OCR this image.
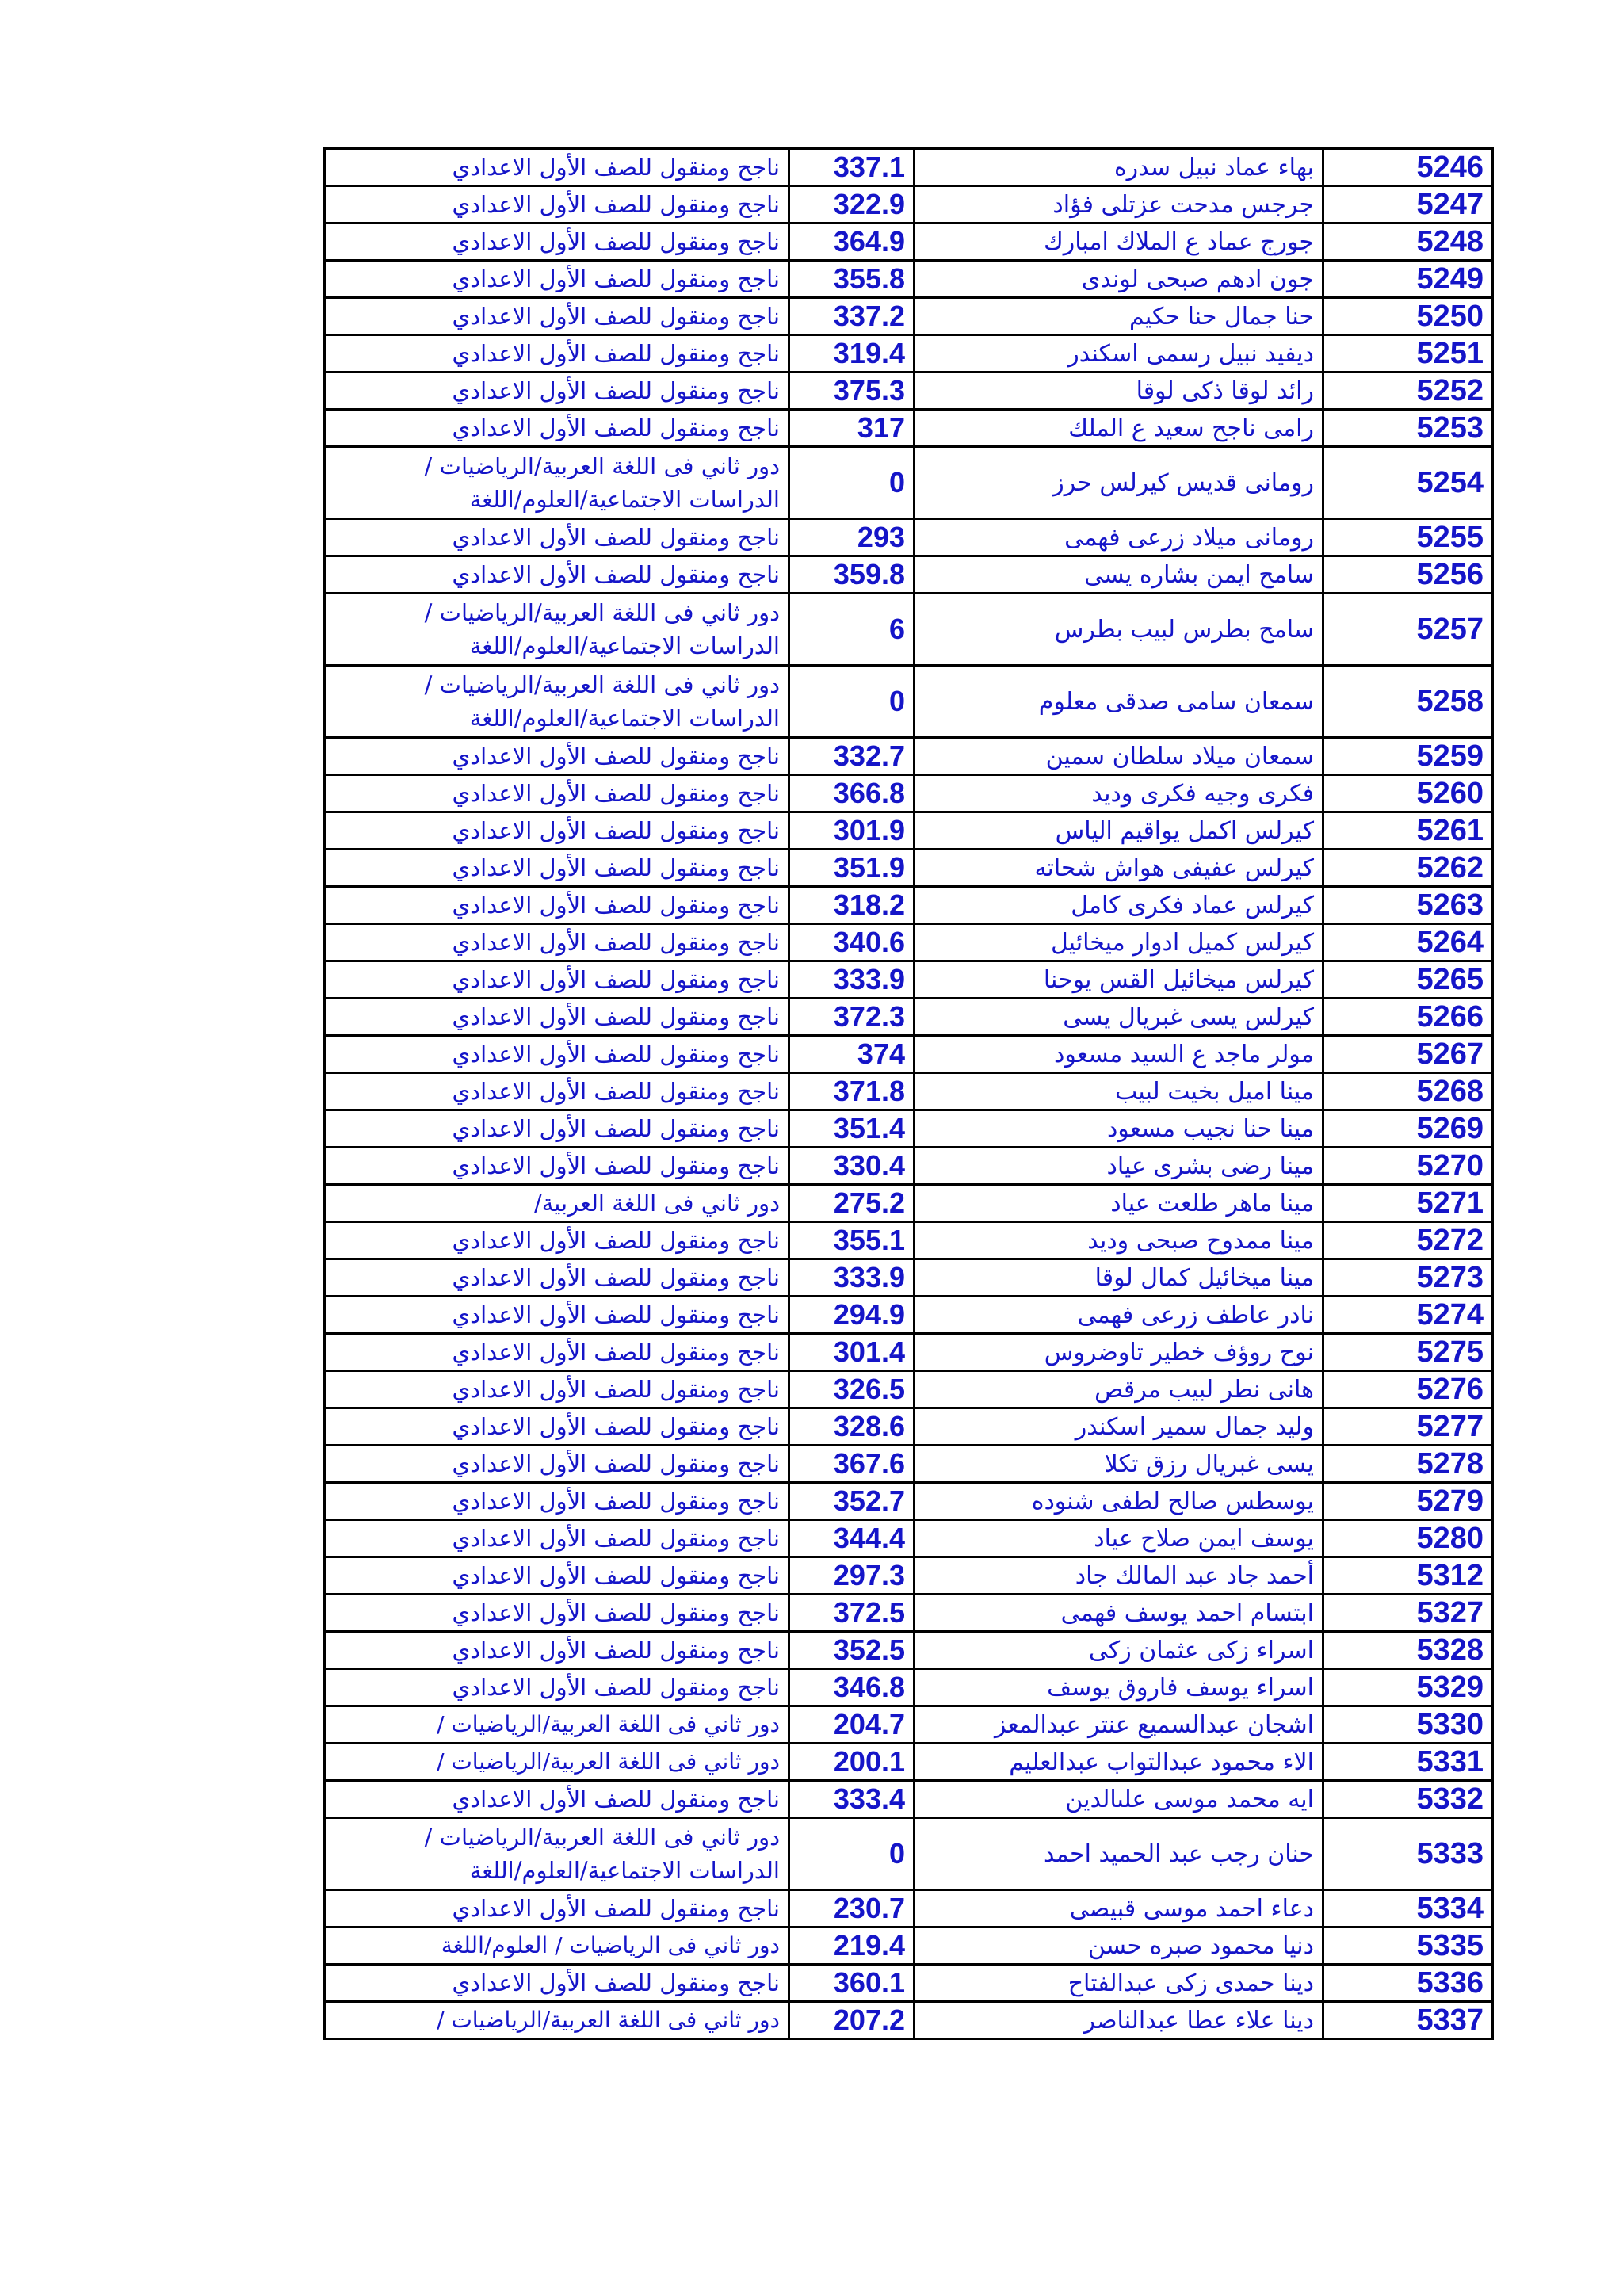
ناجح ومنقول للصف الأول الاعدادي	337.1	بهاء عماد نبيل سدره	5246
ناجح ومنقول للصف الأول الاعدادي	322.9	جرجس مدحت عزتلى فؤاد	5247
ناجح ومنقول للصف الأول الاعدادي	364.9	جورج عماد ع الملاك امبارك	5248
ناجح ومنقول للصف الأول الاعدادي	355.8	جون ادهم صبحى لوندى	5249
ناجح ومنقول للصف الأول الاعدادي	337.2	حنا جمال حنا حكيم	5250
ناجح ومنقول للصف الأول الاعدادي	319.4	ديفيد نبيل رسمى اسكندر	5251
ناجح ومنقول للصف الأول الاعدادي	375.3	رائد لوقا ذكى لوقا	5252
ناجح ومنقول للصف الأول الاعدادي	317	رامى ناجح سعيد ع الملك	5253
دور ثاني فى اللغة العربية/الرياضيات / الدراسات الاجتماعية/العلوم/اللغة	0	رومانى قديس كيرلس حرز	5254
ناجح ومنقول للصف الأول الاعدادي	293	رومانى ميلاد زرعى فهمى	5255
ناجح ومنقول للصف الأول الاعدادي	359.8	سامح ايمن بشاره يسى	5256
دور ثاني فى اللغة العربية/الرياضيات / الدراسات الاجتماعية/العلوم/اللغة	6	سامح بطرس لبيب بطرس	5257
دور ثاني فى اللغة العربية/الرياضيات / الدراسات الاجتماعية/العلوم/اللغة	0	سمعان سامى صدقى معلوم	5258
ناجح ومنقول للصف الأول الاعدادي	332.7	سمعان ميلاد سلطان سمين	5259
ناجح ومنقول للصف الأول الاعدادي	366.8	فكرى وجيه فكرى وديد	5260
ناجح ومنقول للصف الأول الاعدادي	301.9	كيرلس اكمل يواقيم الياس	5261
ناجح ومنقول للصف الأول الاعدادي	351.9	كيرلس عفيفى هواش شحاته	5262
ناجح ومنقول للصف الأول الاعدادي	318.2	كيرلس عماد فكرى كامل	5263
ناجح ومنقول للصف الأول الاعدادي	340.6	كيرلس كميل ادوار ميخائيل	5264
ناجح ومنقول للصف الأول الاعدادي	333.9	كيرلس ميخائيل القس يوحنا	5265
ناجح ومنقول للصف الأول الاعدادي	372.3	كيرلس يسى غبريال يسى	5266
ناجح ومنقول للصف الأول الاعدادي	374	مولر ماجد ع السيد مسعود	5267
ناجح ومنقول للصف الأول الاعدادي	371.8	مينا اميل بخيت لبيب	5268
ناجح ومنقول للصف الأول الاعدادي	351.4	مينا حنا نجيب مسعود	5269
ناجح ومنقول للصف الأول الاعدادي	330.4	مينا رضى بشرى عياد	5270
دور ثاني فى اللغة العربية/	275.2	مينا ماهر طلعت عياد	5271
ناجح ومنقول للصف الأول الاعدادي	355.1	مينا ممدوح صبحى وديد	5272
ناجح ومنقول للصف الأول الاعدادي	333.9	مينا ميخائيل كمال لوقا	5273
ناجح ومنقول للصف الأول الاعدادي	294.9	نادر عاطف زرعى فهمى	5274
ناجح ومنقول للصف الأول الاعدادي	301.4	نوح روؤف خطير تاوضروس	5275
ناجح ومنقول للصف الأول الاعدادي	326.5	هانى نطر لبيب مرقص	5276
ناجح ومنقول للصف الأول الاعدادي	328.6	وليد جمال سمير اسكندر	5277
ناجح ومنقول للصف الأول الاعدادي	367.6	يسى غبريال رزق تكلا	5278
ناجح ومنقول للصف الأول الاعدادي	352.7	يوسطس صالح لطفى شنوده	5279
ناجح ومنقول للصف الأول الاعدادي	344.4	يوسف ايمن صلاح عياد	5280
ناجح ومنقول للصف الأول الاعدادي	297.3	أحمد جاد عبد المالك جاد	5312
ناجح ومنقول للصف الأول الاعدادي	372.5	ابتسام احمد يوسف فهمى	5327
ناجح ومنقول للصف الأول الاعدادي	352.5	اسراء زكى عثمان زكى	5328
ناجح ومنقول للصف الأول الاعدادي	346.8	اسراء يوسف فاروق يوسف	5329
دور ثاني فى اللغة العربية/الرياضيات /	204.7	اشجان عبدالسميع عنتر عبدالمعز	5330
دور ثاني فى اللغة العربية/الرياضيات /	200.1	الاء محمود عبدالتواب عبدالعليم	5331
ناجح ومنقول للصف الأول الاعدادي	333.4	ايه محمد موسى علىالدين	5332
دور ثاني فى اللغة العربية/الرياضيات / الدراسات الاجتماعية/العلوم/اللغة	0	حنان رجب عبد الحميد احمد	5333
ناجح ومنقول للصف الأول الاعدادي	230.7	دعاء احمد موسى قبيصى	5334
دور ثاني فى الرياضيات / العلوم/اللغة	219.4	دنيا محمود صبره حسن	5335
ناجح ومنقول للصف الأول الاعدادي	360.1	دينا حمدى زكى عبدالفتاح	5336
دور ثاني فى اللغة العربية/الرياضيات /	207.2	دينا علاء عطا عبدالناصر	5337
